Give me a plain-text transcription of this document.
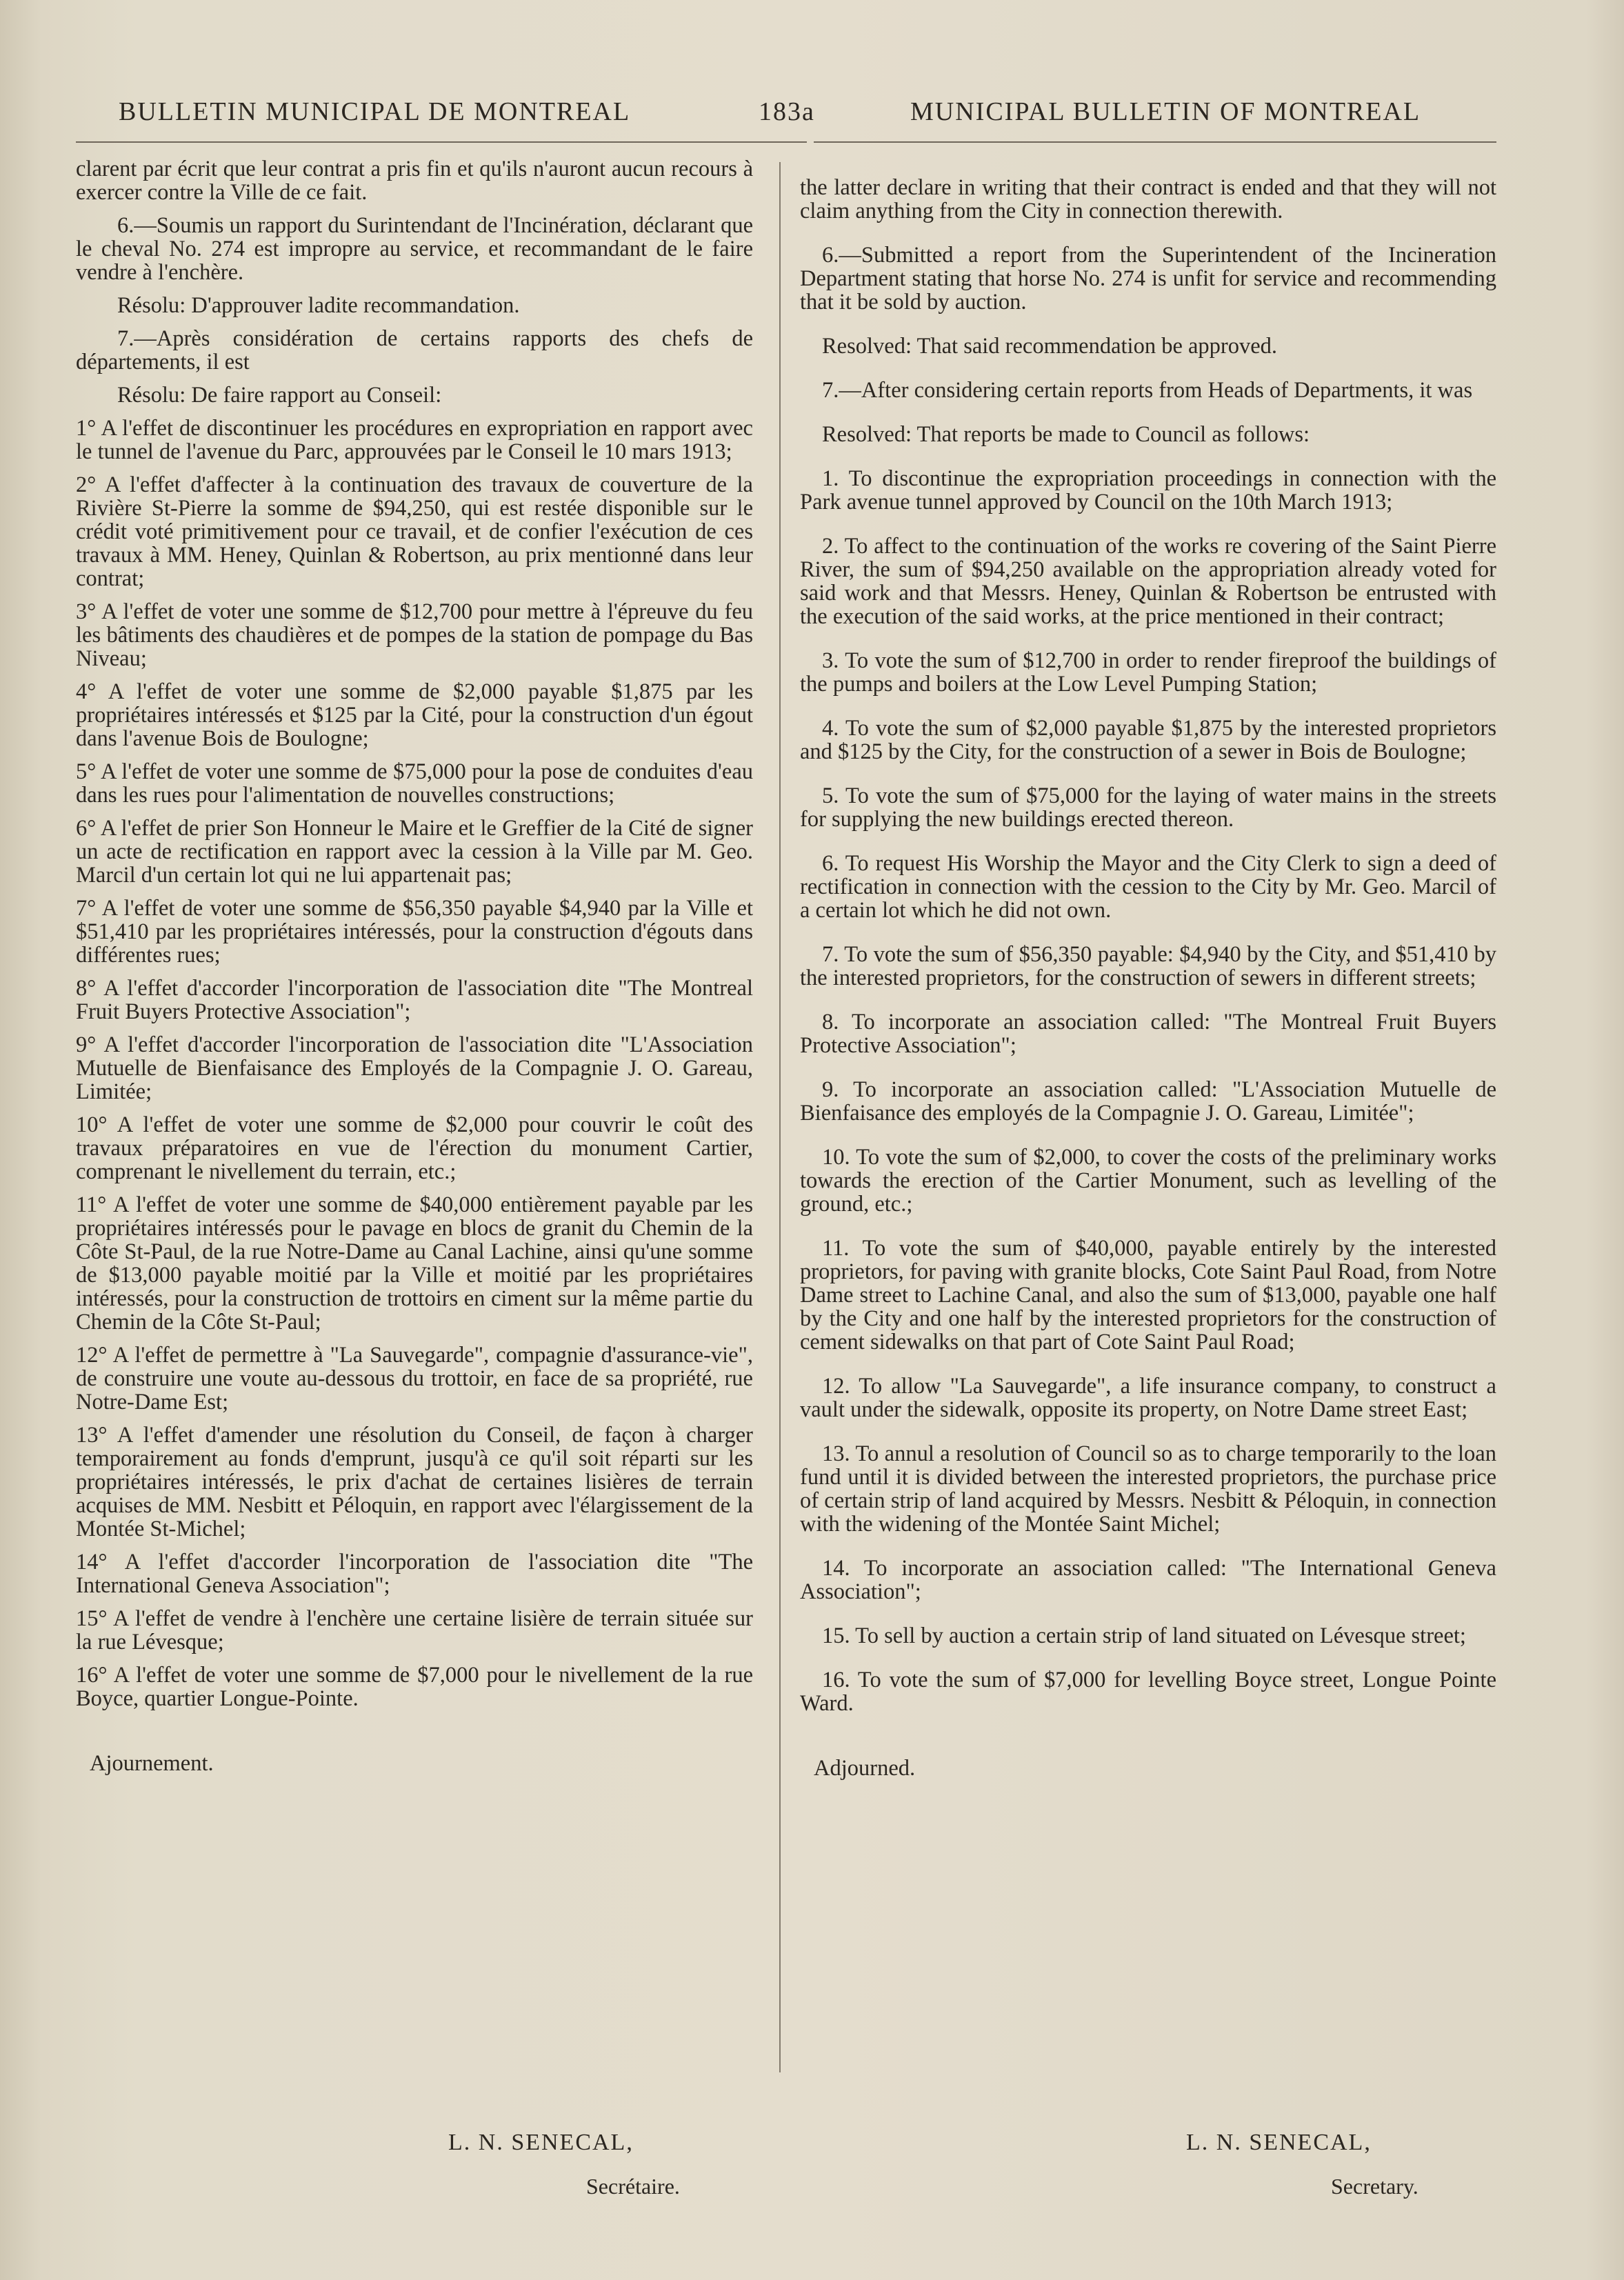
BULLETIN MUNICIPAL DE MONTREAL	183a	MUNICIPAL BULLETIN OF MONTREAL

clarent par écrit que leur contrat a pris fin et qu'ils n'auront aucun recours à exercer contre la Ville de ce fait.

6.—Soumis un rapport du Surintendant de l'Incinération, déclarant que le cheval No. 274 est impropre au service, et recommandant de le faire vendre à l'enchère.

Résolu: D'approuver ladite recommandation.

7.—Après considération de certains rapports des chefs de départements, il est

Résolu: De faire rapport au Conseil:

1° A l'effet de discontinuer les procédures en expropriation en rapport avec le tunnel de l'avenue du Parc, approuvées par le Conseil le 10 mars 1913;

2° A l'effet d'affecter à la continuation des travaux de couverture de la Rivière St-Pierre la somme de $94,250, qui est restée disponible sur le crédit voté primitivement pour ce travail, et de confier l'exécution de ces travaux à MM. Heney, Quinlan & Robertson, au prix mentionné dans leur contrat;

3° A l'effet de voter une somme de $12,700 pour mettre à l'épreuve du feu les bâtiments des chaudières et de pompes de la station de pompage du Bas Niveau;

4° A l'effet de voter une somme de $2,000 payable $1,875 par les propriétaires intéressés et $125 par la Cité, pour la construction d'un égout dans l'avenue Bois de Boulogne;

5° A l'effet de voter une somme de $75,000 pour la pose de conduites d'eau dans les rues pour l'alimentation de nouvelles constructions;

6° A l'effet de prier Son Honneur le Maire et le Greffier de la Cité de signer un acte de rectification en rapport avec la cession à la Ville par M. Geo. Marcil d'un certain lot qui ne lui appartenait pas;

7° A l'effet de voter une somme de $56,350 payable $4,940 par la Ville et $51,410 par les propriétaires intéressés, pour la construction d'égouts dans différentes rues;

8° A l'effet d'accorder l'incorporation de l'association dite "The Montreal Fruit Buyers Protective Association";

9° A l'effet d'accorder l'incorporation de l'association dite "L'Association Mutuelle de Bienfaisance des Employés de la Compagnie J. O. Gareau, Limitée;

10° A l'effet de voter une somme de $2,000 pour couvrir le coût des travaux préparatoires en vue de l'érection du monument Cartier, comprenant le nivellement du terrain, etc.;

11° A l'effet de voter une somme de $40,000 entièrement payable par les propriétaires intéressés pour le pavage en blocs de granit du Chemin de la Côte St-Paul, de la rue Notre-Dame au Canal Lachine, ainsi qu'une somme de $13,000 payable moitié par la Ville et moitié par les propriétaires intéressés, pour la construction de trottoirs en ciment sur la même partie du Chemin de la Côte St-Paul;

12° A l'effet de permettre à "La Sauvegarde", compagnie d'assurance-vie", de construire une voute au-dessous du trottoir, en face de sa propriété, rue Notre-Dame Est;

13° A l'effet d'amender une résolution du Conseil, de façon à charger temporairement au fonds d'emprunt, jusqu'à ce qu'il soit réparti sur les propriétaires intéressés, le prix d'achat de certaines lisières de terrain acquises de MM. Nesbitt et Péloquin, en rapport avec l'élargissement de la Montée St-Michel;

14° A l'effet d'accorder l'incorporation de l'association dite "The International Geneva Association";

15° A l'effet de vendre à l'enchère une certaine lisière de terrain située sur la rue Lévesque;

16° A l'effet de voter une somme de $7,000 pour le nivellement de la rue Boyce, quartier Longue-Pointe.

Ajournement.

the latter declare in writing that their contract is ended and that they will not claim anything from the City in connection therewith.

6.—Submitted a report from the Superintendent of the Incineration Department stating that horse No. 274 is unfit for service and recommending that it be sold by auction.

Resolved: That said recommendation be approved.

7.—After considering certain reports from Heads of Departments, it was

Resolved: That reports be made to Council as follows:

1. To discontinue the expropriation proceedings in connection with the Park avenue tunnel approved by Council on the 10th March 1913;

2. To affect to the continuation of the works re covering of the Saint Pierre River, the sum of $94,250 available on the appropriation already voted for said work and that Messrs. Heney, Quinlan & Robertson be entrusted with the execution of the said works, at the price mentioned in their contract;

3. To vote the sum of $12,700 in order to render fireproof the buildings of the pumps and boilers at the Low Level Pumping Station;

4. To vote the sum of $2,000 payable $1,875 by the interested proprietors and $125 by the City, for the construction of a sewer in Bois de Boulogne;

5. To vote the sum of $75,000 for the laying of water mains in the streets for supplying the new buildings erected thereon.

6. To request His Worship the Mayor and the City Clerk to sign a deed of rectification in connection with the cession to the City by Mr. Geo. Marcil of a certain lot which he did not own.

7. To vote the sum of $56,350 payable: $4,940 by the City, and $51,410 by the interested proprietors, for the construction of sewers in different streets;

8. To incorporate an association called: "The Montreal Fruit Buyers Protective Association";

9. To incorporate an association called: "L'Association Mutuelle de Bienfaisance des employés de la Compagnie J. O. Gareau, Limitée";

10. To vote the sum of $2,000, to cover the costs of the preliminary works towards the erection of the Cartier Monument, such as levelling of the ground, etc.;

11. To vote the sum of $40,000, payable entirely by the interested proprietors, for paving with granite blocks, Cote Saint Paul Road, from Notre Dame street to Lachine Canal, and also the sum of $13,000, payable one half by the City and one half by the interested proprietors for the construction of cement sidewalks on that part of Cote Saint Paul Road;

12. To allow "La Sauvegarde", a life insurance company, to construct a vault under the sidewalk, opposite its property, on Notre Dame street East;

13. To annul a resolution of Council so as to charge temporarily to the loan fund until it is divided between the interested proprietors, the purchase price of certain strip of land acquired by Messrs. Nesbitt & Péloquin, in connection with the widening of the Montée Saint Michel;

14. To incorporate an association called: "The International Geneva Association";

15. To sell by auction a certain strip of land situated on Lévesque street;

16. To vote the sum of $7,000 for levelling Boyce street, Longue Pointe Ward.

Adjourned.

L. N. SENECAL,
Secrétaire.
L. N. SENECAL,
Secretary.
